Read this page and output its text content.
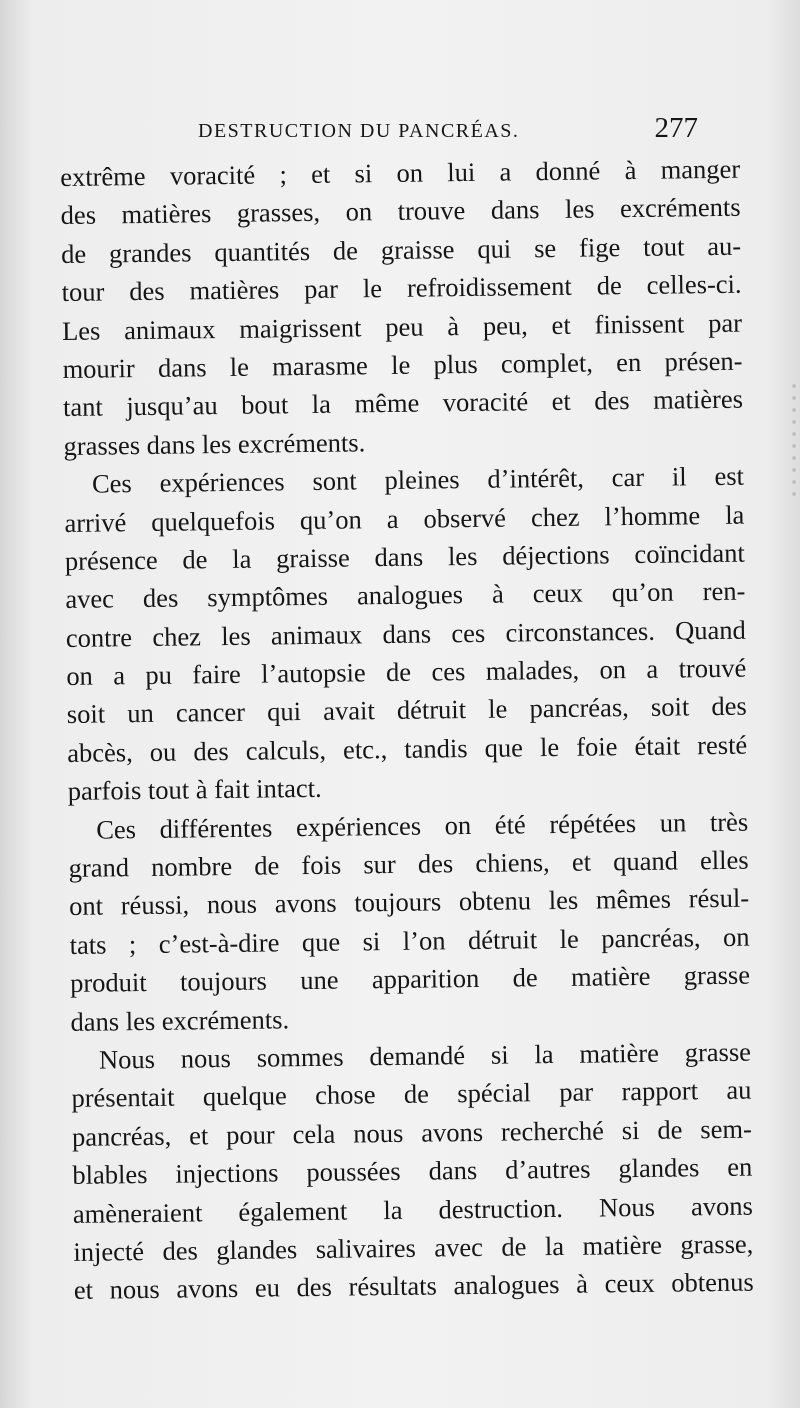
DESTRUCTION DU PANCRÉAS.	277
extrême voracité ; et si on lui a donné à manger
des matières grasses, on trouve dans les excréments
de grandes quantités de graisse qui se fige tout au-
tour des matières par le refroidissement de celles-ci.
Les animaux maigrissent peu à peu, et finissent par
mourir dans le marasme le plus complet, en présen-
tant jusqu’au bout la même voracité et des matières
grasses dans les excréments.
Ces expériences sont pleines d’intérêt, car il est
arrivé quelquefois qu’on a observé chez l’homme la
présence de la graisse dans les déjections coïncidant
avec des symptômes analogues à ceux qu’on ren-
contre chez les animaux dans ces circonstances. Quand
on a pu faire l’autopsie de ces malades, on a trouvé
soit un cancer qui avait détruit le pancréas, soit des
abcès, ou des calculs, etc., tandis que le foie était resté
parfois tout à fait intact.
Ces différentes expériences on été répétées un très
grand nombre de fois sur des chiens, et quand elles
ont réussi, nous avons toujours obtenu les mêmes résul-
tats ; c’est-à-dire que si l’on détruit le pancréas, on
produit toujours une apparition de matière grasse
dans les excréments.
Nous nous sommes demandé si la matière grasse
présentait quelque chose de spécial par rapport au
pancréas, et pour cela nous avons recherché si de sem-
blables injections poussées dans d’autres glandes en
amèneraient également la destruction. Nous avons
injecté des glandes salivaires avec de la matière grasse,
et nous avons eu des résultats analogues à ceux obtenus
